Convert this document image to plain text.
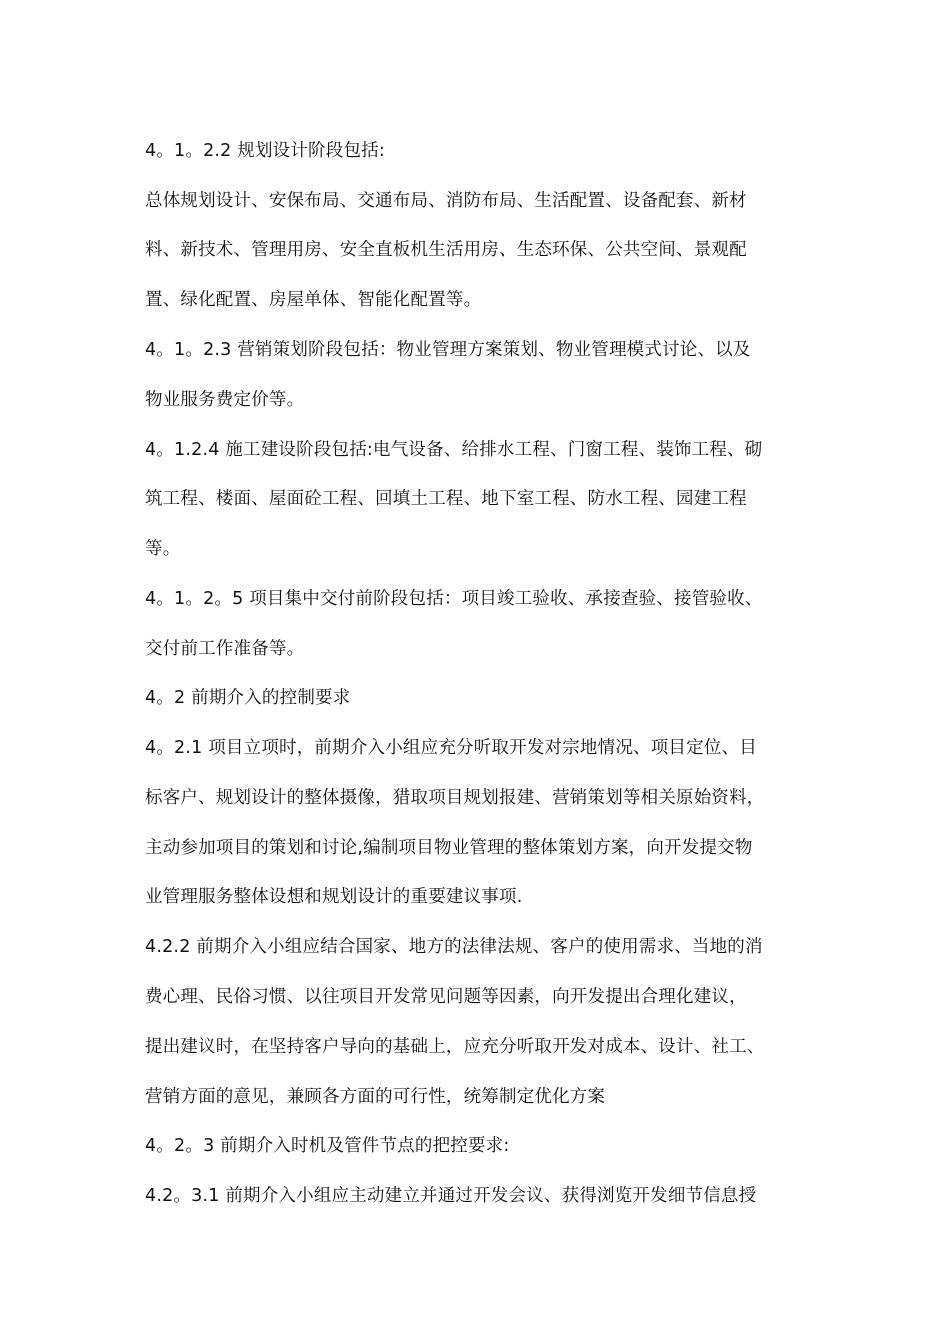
4。1。2.2 规划设计阶段包括:
总体规划设计、安保布局、交通布局、消防布局、生活配置、设备配套、新材
料、新技术、管理用房、安全直板机生活用房、生态环保、公共空间、景观配
置、绿化配置、房屋单体、智能化配置等。
4。1。2.3 营销策划阶段包括：物业管理方案策划、物业管理模式讨论、以及
物业服务费定价等。
4。1.2.4 施工建设阶段包括:电气设备、给排水工程、门窗工程、装饰工程、砌
筑工程、楼面、屋面砼工程、回填土工程、地下室工程、防水工程、园建工程
等。
4。1。2。5 项目集中交付前阶段包括：项目竣工验收、承接查验、接管验收、
交付前工作准备等。
4。2 前期介入的控制要求
4。2.1 项目立项时，前期介入小组应充分听取开发对宗地情况、项目定位、目
标客户、规划设计的整体摄像，猎取项目规划报建、营销策划等相关原始资料，
主动参加项目的策划和讨论,编制项目物业管理的整体策划方案，向开发提交物
业管理服务整体设想和规划设计的重要建议事项.
4.2.2 前期介入小组应结合国家、地方的法律法规、客户的使用需求、当地的消
费心理、民俗习惯、以往项目开发常见问题等因素，向开发提出合理化建议，
提出建议时，在坚持客户导向的基础上，应充分听取开发对成本、设计、社工、
营销方面的意见，兼顾各方面的可行性，统筹制定优化方案
4。2。3 前期介入时机及管件节点的把控要求:
4.2。3.1 前期介入小组应主动建立并通过开发会议、获得浏览开发细节信息授
